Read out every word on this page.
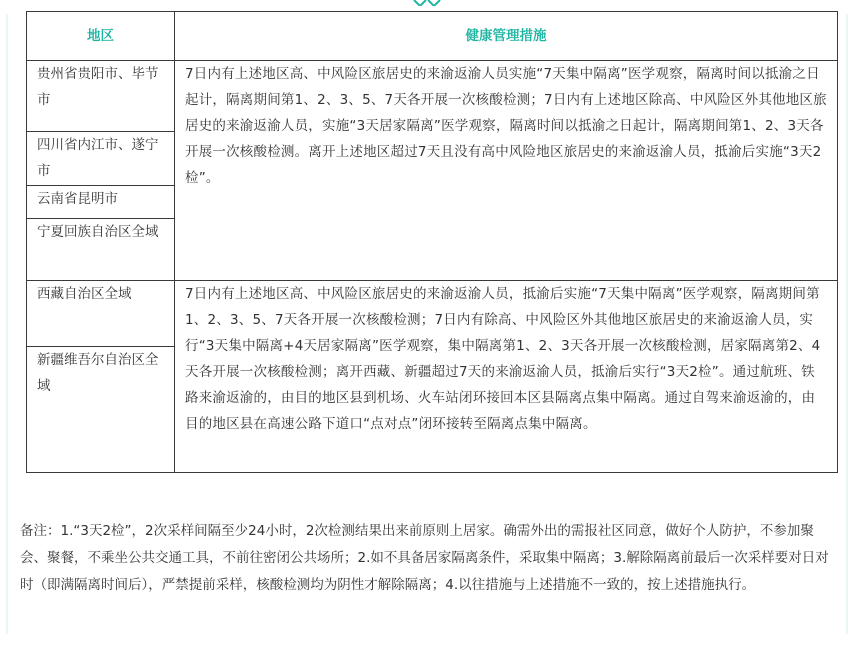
地区	健康管理措施
贵州省贵阳市、毕节市	7日内有上述地区高、中风险区旅居史的来渝返渝人员实施“7天集中隔离”医学观察，隔离时间以抵渝之日起计，隔离期间第1、2、3、5、7天各开展一次核酸检测；7日内有上述地区除高、中风险区外其他地区旅居史的来渝返渝人员，实施“3天居家隔离”医学观察，隔离时间以抵渝之日起计，隔离期间第1、2、3天各开展一次核酸检测。离开上述地区超过7天且没有高中风险地区旅居史的来渝返渝人员，抵渝后实施“3天2检”。
四川省内江市、遂宁市	
云南省昆明市	
宁夏回族自治区全域	
西藏自治区全域	7日内有上述地区高、中风险区旅居史的来渝返渝人员，抵渝后实施“7天集中隔离”医学观察，隔离期间第1、2、3、5、7天各开展一次核酸检测；7日内有除高、中风险区外其他地区旅居史的来渝返渝人员，实行“3天集中隔离+4天居家隔离”医学观察，集中隔离第1、2、3天各开展一次核酸检测，居家隔离第2、4天各开展一次核酸检测；离开西藏、新疆超过7天的来渝返渝人员，抵渝后实行“3天2检”。通过航班、铁路来渝返渝的，由目的地区县到机场、火车站闭环接回本区县隔离点集中隔离。通过自驾来渝返渝的，由目的地区县在高速公路下道口“点对点”闭环接转至隔离点集中隔离。
新疆维吾尔自治区全域	
备注：1.“3天2检”，2次采样间隔至少24小时，2次检测结果出来前原则上居家。确需外出的需报社区同意，做好个人防护，不参加聚会、聚餐，不乘坐公共交通工具，不前往密闭公共场所；2.如不具备居家隔离条件，采取集中隔离；3.解除隔离前最后一次采样要对日对时（即满隔离时间后），严禁提前采样，核酸检测均为阴性才解除隔离；4.以往措施与上述措施不一致的，按上述措施执行。
